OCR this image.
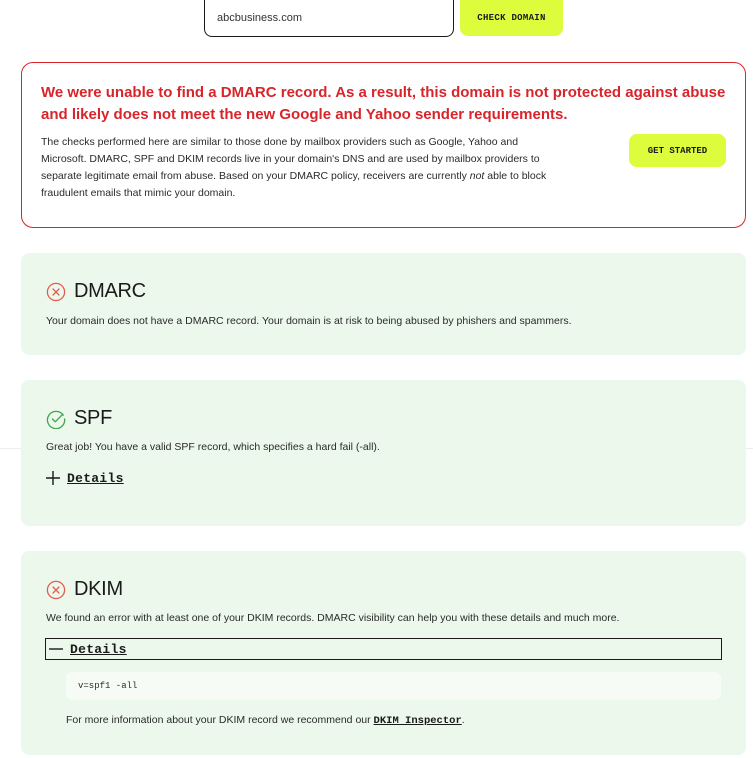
abcbusiness.com
CHECK DOMAIN

We were unable to find a DMARC record. As a result, this domain is not protected against abuse and likely does not meet the new Google and Yahoo sender requirements.

The checks performed here are similar to those done by mailbox providers such as Google, Yahoo and Microsoft. DMARC, SPF and DKIM records live in your domain's DNS and are used by mailbox providers to separate legitimate email from abuse. Based on your DMARC policy, receivers are currently not able to block fraudulent emails that mimic your domain.

GET STARTED
DMARC

Your domain does not have a DMARC record. Your domain is at risk to being abused by phishers and spammers.

SPF

Great job! You have a valid SPF record, which specifies a hard fail (-all).

Details
DKIM

We found an error with at least one of your DKIM records. DMARC visibility can help you with these details and much more.

Details
v=spf1 -all

For more information about your DKIM record we recommend our DKIM Inspector.
